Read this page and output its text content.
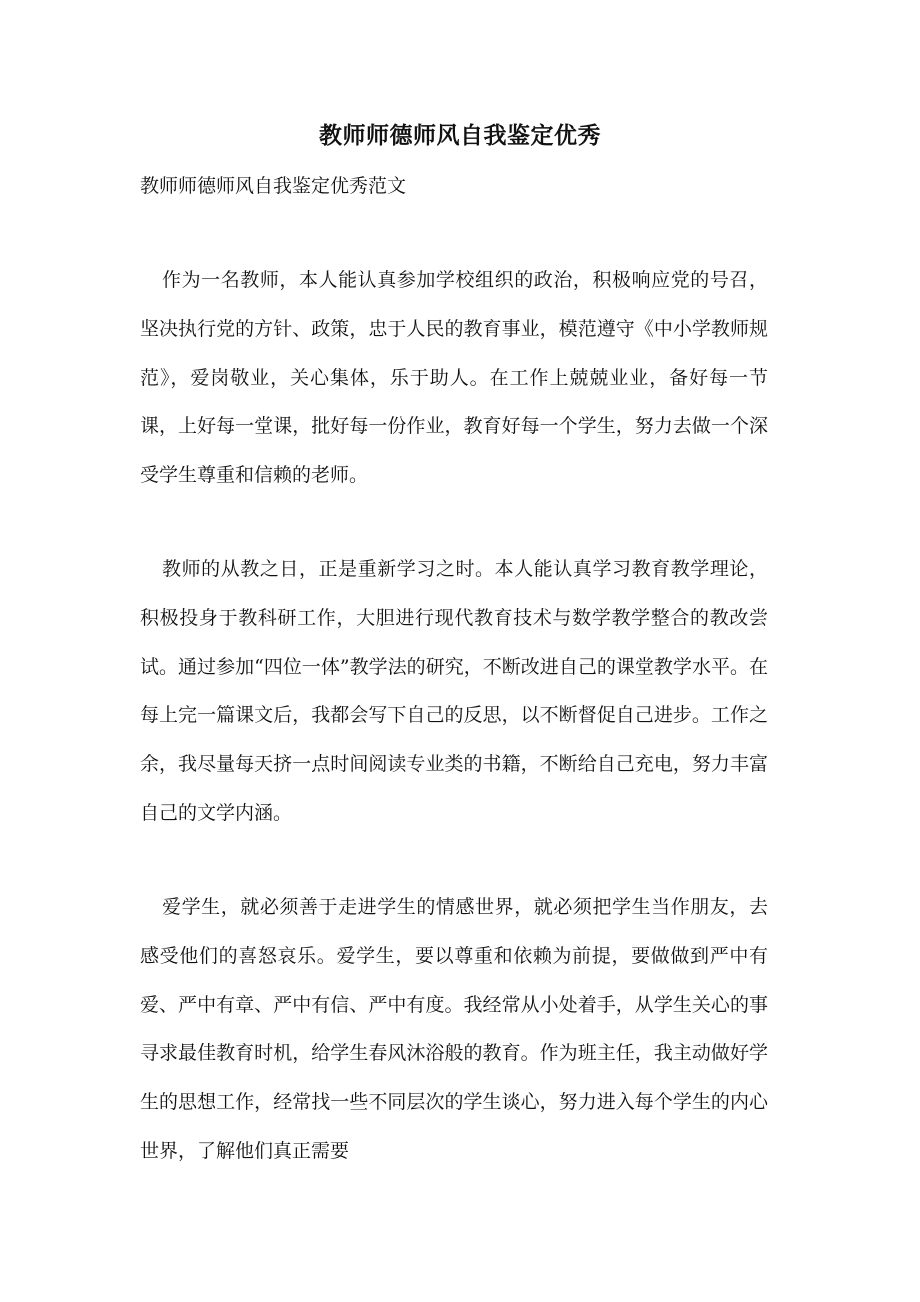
教师师德师风自我鉴定优秀
教师师德师风自我鉴定优秀范文

作为一名教师，本人能认真参加学校组织的政治，积极响应党的号召，坚决执行党的方针、政策，忠于人民的教育事业，模范遵守《中小学教师规范》，爱岗敬业，关心集体，乐于助人。在工作上兢兢业业，备好每一节课，上好每一堂课，批好每一份作业，教育好每一个学生，努力去做一个深受学生尊重和信赖的老师。

教师的从教之日，正是重新学习之时。本人能认真学习教育教学理论，积极投身于教科研工作，大胆进行现代教育技术与数学教学整合的教改尝试。通过参加“四位一体”教学法的研究，不断改进自己的课堂教学水平。在每上完一篇课文后，我都会写下自己的反思，以不断督促自己进步。工作之余，我尽量每天挤一点时间阅读专业类的书籍，不断给自己充电，努力丰富自己的文学内涵。

爱学生，就必须善于走进学生的情感世界，就必须把学生当作朋友，去感受他们的喜怒哀乐。爱学生，要以尊重和依赖为前提，要做做到严中有爱、严中有章、严中有信、严中有度。我经常从小处着手，从学生关心的事寻求最佳教育时机，给学生春风沐浴般的教育。作为班主任，我主动做好学生的思想工作，经常找一些不同层次的学生谈心，努力进入每个学生的内心世界，了解他们真正需要
